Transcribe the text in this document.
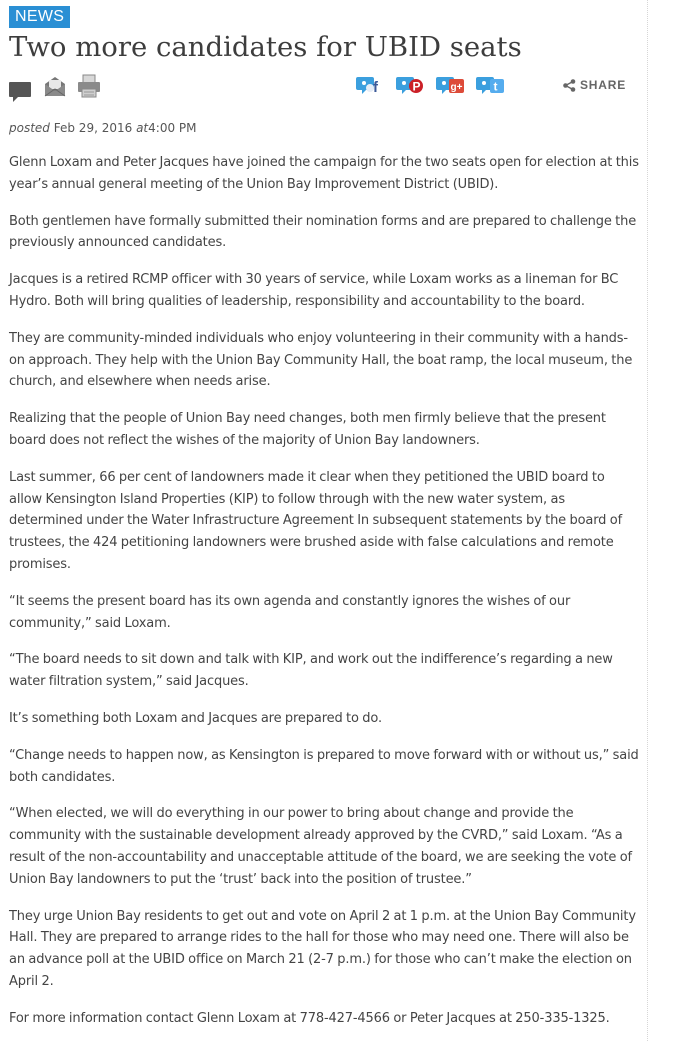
NEWS
Two more candidates for UBID seats
f	P	g+	t	SHARE
posted Feb 29, 2016 at4:00 PM

Glenn Loxam and Peter Jacques have joined the campaign for the two seats open for election at this year’s annual general meeting of the Union Bay Improvement District (UBID).

Both gentlemen have formally submitted their nomination forms and are prepared to challenge the previously announced candidates.

Jacques is a retired RCMP officer with 30 years of service, while Loxam works as a lineman for BC Hydro. Both will bring qualities of leadership, responsibility and accountability to the board.

They are community-minded individuals who enjoy volunteering in their community with a hands-on approach. They help with the Union Bay Community Hall, the boat ramp, the local museum, the church, and elsewhere when needs arise.

Realizing that the people of Union Bay need changes, both men firmly believe that the present board does not reflect the wishes of the majority of Union Bay landowners.

Last summer, 66 per cent of landowners made it clear when they petitioned the UBID board to allow Kensington Island Properties (KIP) to follow through with the new water system, as determined under the Water Infrastructure Agreement In subsequent statements by the board of trustees, the 424 petitioning landowners were brushed aside with false calculations and remote promises.

“It seems the present board has its own agenda and constantly ignores the wishes of our community,” said Loxam.

“The board needs to sit down and talk with KIP, and work out the indifference’s regarding a new water filtration system,” said Jacques.

It’s something both Loxam and Jacques are prepared to do.

“Change needs to happen now, as Kensington is prepared to move forward with or without us,” said both candidates.

“When elected, we will do everything in our power to bring about change and provide the community with the sustainable development already approved by the CVRD,” said Loxam. “As a result of the non-accountability and unacceptable attitude of the board, we are seeking the vote of Union Bay landowners to put the ‘trust’ back into the position of trustee.”

They urge Union Bay residents to get out and vote on April 2 at 1 p.m. at the Union Bay Community Hall. They are prepared to arrange rides to the hall for those who may need one. There will also be an advance poll at the UBID office on March 21 (2-7 p.m.) for those who can’t make the election on April 2.

For more information contact Glenn Loxam at 778-427-4566 or Peter Jacques at 250-335-1325.
